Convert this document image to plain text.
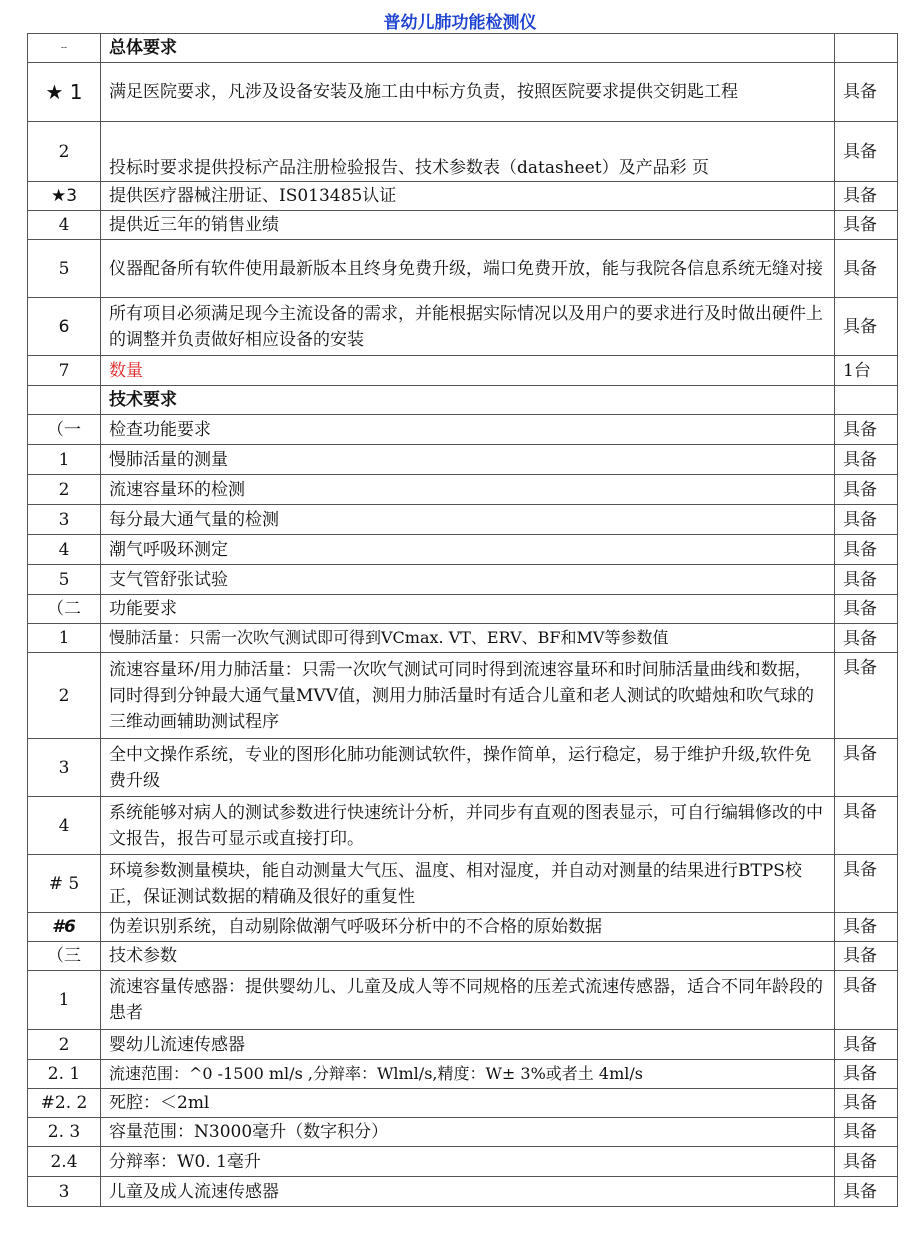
普幼儿肺功能检测仪
˗˗	总体要求	
★ 1	满足医院要求，凡涉及设备安装及施工由中标方负责，按照医院要求提供交钥匙工程	具备
2	投标时要求提供投标产品注册检验报告、技术参数表（datasheet）及产品彩 页	具备
★3	提供医疗器械注册证、IS013485认证	具备
4	提供近三年的销售业绩	具备
5	仪器配备所有软件使用最新版本且终身免费升级，端口免费开放，能与我院各信息系统无缝对接	具备
6	所有项目必须满足现今主流设备的需求，并能根据实际情况以及用户的要求进行及时做出硬件上的调整并负责做好相应设备的安装	具备
7	数量	1台
	技术要求	
（一	检查功能要求	具备
1	慢肺活量的测量	具备
2	流速容量环的检测	具备
3	每分最大通气量的检测	具备
4	潮气呼吸环测定	具备
5	支气管舒张试验	具备
（二	功能要求	具备
1	慢肺活量：只需一次吹气测试即可得到VCmax. VT、ERV、BF和MV等参数值	具备
2	流速容量环/用力肺活量：只需一次吹气测试可同时得到流速容量环和时间肺活量曲线和数据，同时得到分钟最大通气量MVV值，测用力肺活量时有适合儿童和老人测试的吹蜡烛和吹气球的三维动画辅助测试程序	具备
3	全中文操作系统，专业的图形化肺功能测试软件，操作简单，运行稳定，易于维护升级,软件免费升级	具备
4	系统能够对病人的测试参数进行快速统计分析，并同步有直观的图表显示，可自行编辑修改的中文报告，报告可显示或直接打印。	具备
# 5	环境参数测量模块，能自动测量大气压、温度、相对湿度，并自动对测量的结果进行BTPS校正，保证测试数据的精确及很好的重复性	具备
#6	伪差识别系统，自动剔除做潮气呼吸环分析中的不合格的原始数据	具备
（三	技术参数	具备
1	流速容量传感器：提供婴幼儿、儿童及成人等不同规格的压差式流速传感器，适合不同年龄段的患者	具备
2	婴幼儿流速传感器	具备
2. 1	流速范围：^0 -1500 ml/s ,分辩率：Wlml/s,精度：W± 3%或者土 4ml/s	具备
#2. 2	死腔：＜2ml	具备
2. 3	容量范围：N3000毫升（数字积分）	具备
2.4	分辩率：W0. 1毫升	具备
3	儿童及成人流速传感器	具备
